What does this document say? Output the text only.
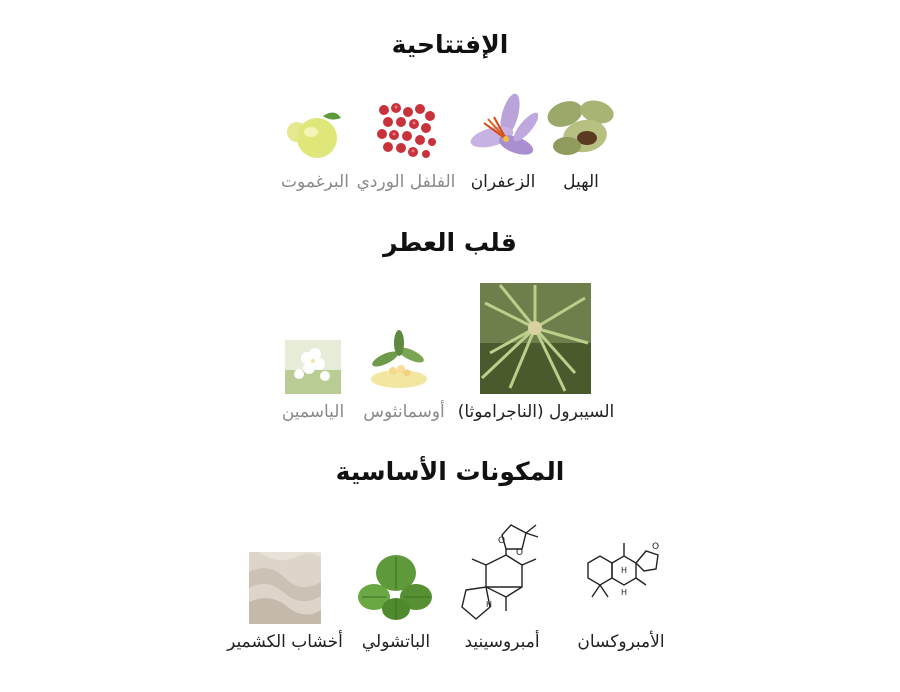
الإفتتاحية
الهيل
الزعفران
الفلفل الوردي
البرغموت
قلب العطر
السيبرول (الناجراموثا)
أوسمانثوس
الياسمين
المكونات الأساسية
O
H
H
الأمبروكسان
O
O
H
أمبروسينيد
الباتشولي
أخشاب الكشمير
